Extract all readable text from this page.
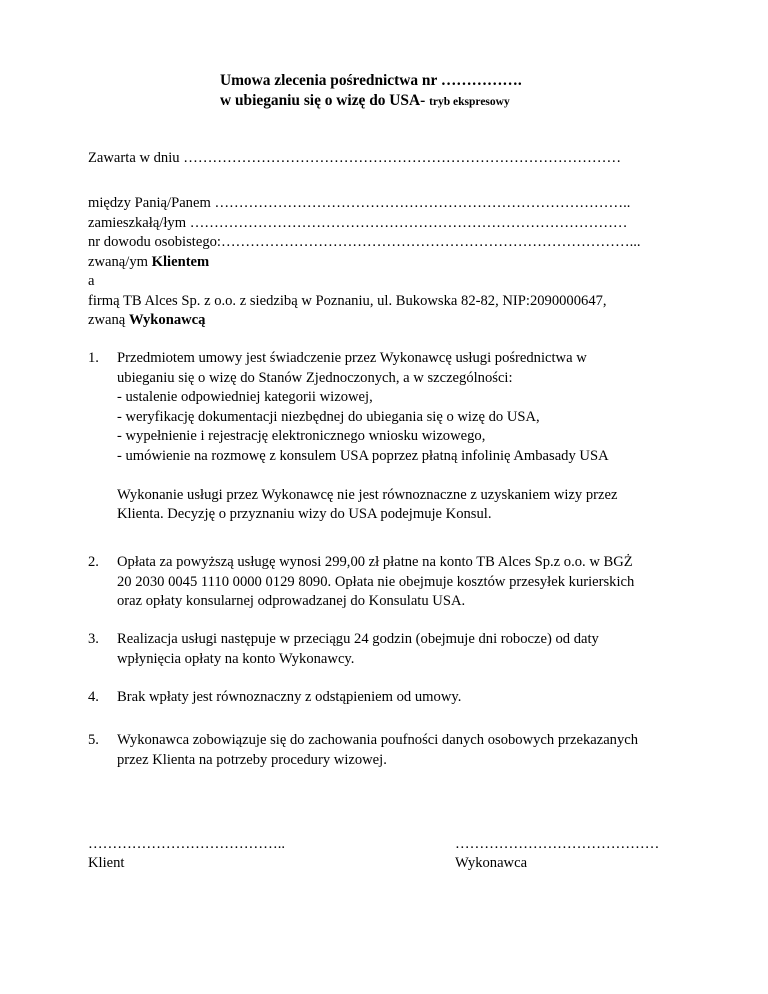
Umowa zlecenia pośrednictwa nr …………….
w ubieganiu się o wizę do USA- tryb ekspresowy
Zawarta w dniu ………………………………………………………………………………
między Panią/Panem …………………………………………………………………………..
zamieszkałą/łym ………………………………………………………………………………
nr dowodu osobistego:…………………………………………………………………………...
zwaną/ym Klientem
a
firmą TB Alces Sp. z o.o. z siedzibą w Poznaniu, ul. Bukowska 82-82, NIP:2090000647,
zwaną Wykonawcą
1. Przedmiotem umowy jest świadczenie przez Wykonawcę usługi pośrednictwa w
ubieganiu się o wizę do Stanów Zjednoczonych, a w szczególności:
- ustalenie odpowiedniej kategorii wizowej,
- weryfikację dokumentacji niezbędnej do ubiegania się o wizę do USA,
- wypełnienie i rejestrację elektronicznego wniosku wizowego,
- umówienie na rozmowę z konsulem USA poprzez płatną infolinię Ambasady USA
Wykonanie usługi przez Wykonawcę nie jest równoznaczne z uzyskaniem wizy przez
Klienta. Decyzję o przyznaniu wizy do USA podejmuje Konsul.
2. Opłata za powyższą usługę wynosi 299,00 zł płatne na konto TB Alces Sp.z o.o. w BGŻ
20 2030 0045 1110 0000 0129 8090. Opłata nie obejmuje kosztów przesyłek kurierskich
oraz opłaty konsularnej odprowadzanej do Konsulatu USA.
3. Realizacja usługi następuje w przeciągu 24 godzin (obejmuje dni robocze) od daty
wpłynięcia opłaty na konto Wykonawcy.
4. Brak wpłaty jest równoznaczny z odstąpieniem od umowy.
5. Wykonawca zobowiązuje się do zachowania poufności danych osobowych przekazanych
przez Klienta na potrzeby procedury wizowej.
…………………………………..
Klient
……………………………………
Wykonawca
